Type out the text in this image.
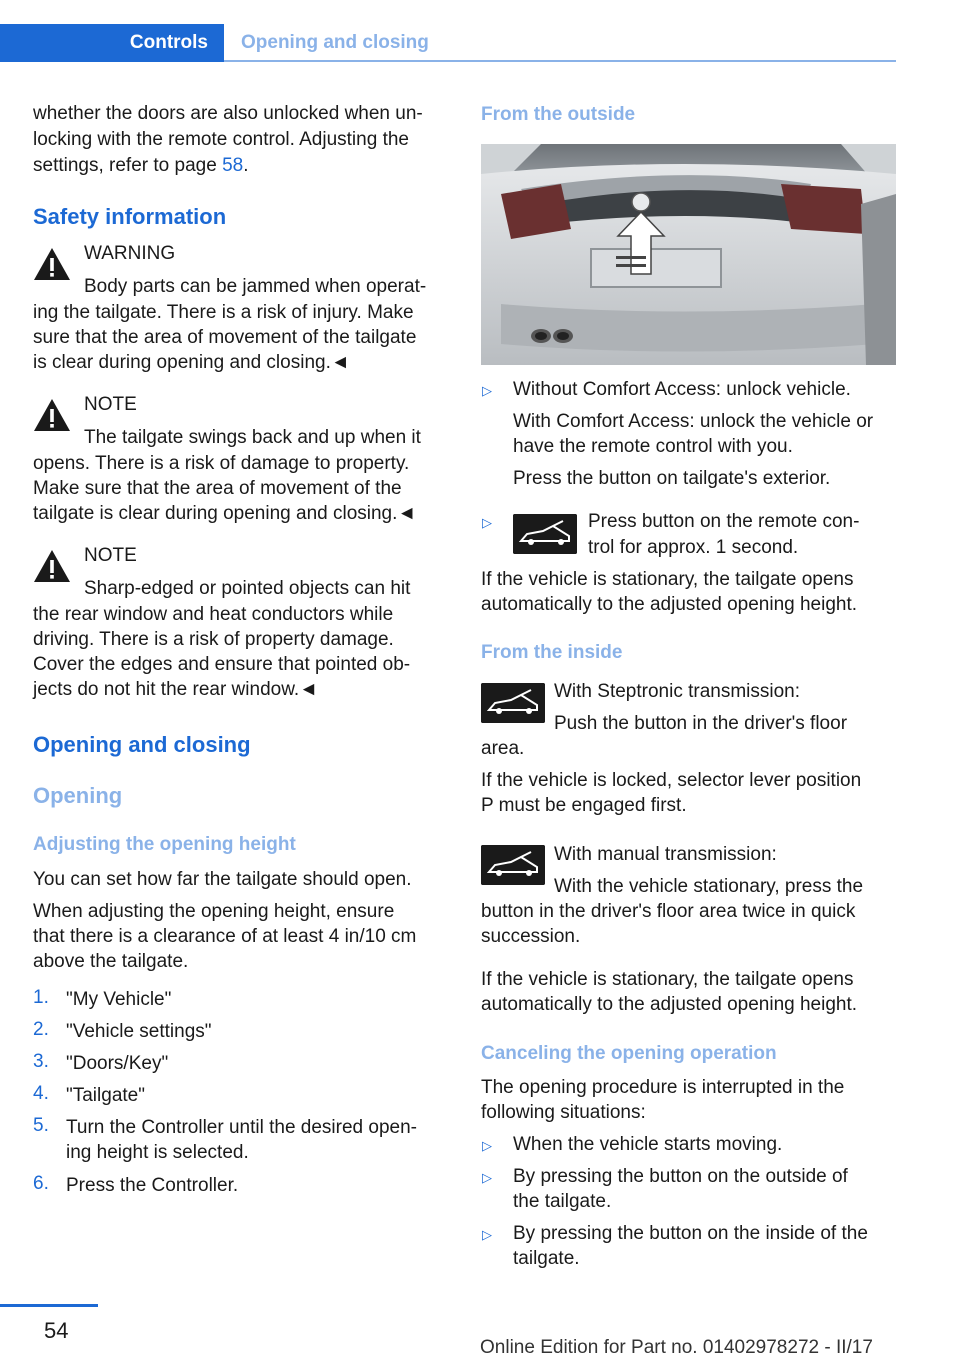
Controls	Opening and closing
whether the doors are also unlocked when un‐
locking with the remote control. Adjusting the
settings, refer to page 58.
Safety information
WARNING
Body parts can be jammed when operat‐
ing the tailgate. There is a risk of injury. Make
sure that the area of movement of the tailgate
is clear during opening and closing.◄
NOTE
The tailgate swings back and up when it
opens. There is a risk of damage to property.
Make sure that the area of movement of the
tailgate is clear during opening and closing.◄
NOTE
Sharp-edged or pointed objects can hit
the rear window and heat conductors while
driving. There is a risk of property damage.
Cover the edges and ensure that pointed ob‐
jects do not hit the rear window.◄
Opening and closing
Opening
Adjusting the opening height
You can set how far the tailgate should open.
When adjusting the opening height, ensure
that there is a clearance of at least 4 in/10 cm
above the tailgate.
1. "My Vehicle"
2. "Vehicle settings"
3. "Doors/Key"
4. "Tailgate"
5. Turn the Controller until the desired open‐
ing height is selected.
6. Press the Controller.
From the outside
▷ Without Comfort Access: unlock vehicle.
With Comfort Access: unlock the vehicle or
have the remote control with you.
Press the button on tailgate's exterior.
▷	Press button on the remote con‐
trol for approx. 1 second.
If the vehicle is stationary, the tailgate opens
automatically to the adjusted opening height.
From the inside
With Steptronic transmission:
Push the button in the driver's floor
area.
If the vehicle is locked, selector lever position
P must be engaged first.
With manual transmission:
With the vehicle stationary, press the
button in the driver's floor area twice in quick
succession.
If the vehicle is stationary, the tailgate opens
automatically to the adjusted opening height.
Canceling the opening operation
The opening procedure is interrupted in the
following situations:
▷ When the vehicle starts moving.
▷ By pressing the button on the outside of
the tailgate.
▷ By pressing the button on the inside of the
tailgate.
54
Online Edition for Part no. 01402978272 - II/17
